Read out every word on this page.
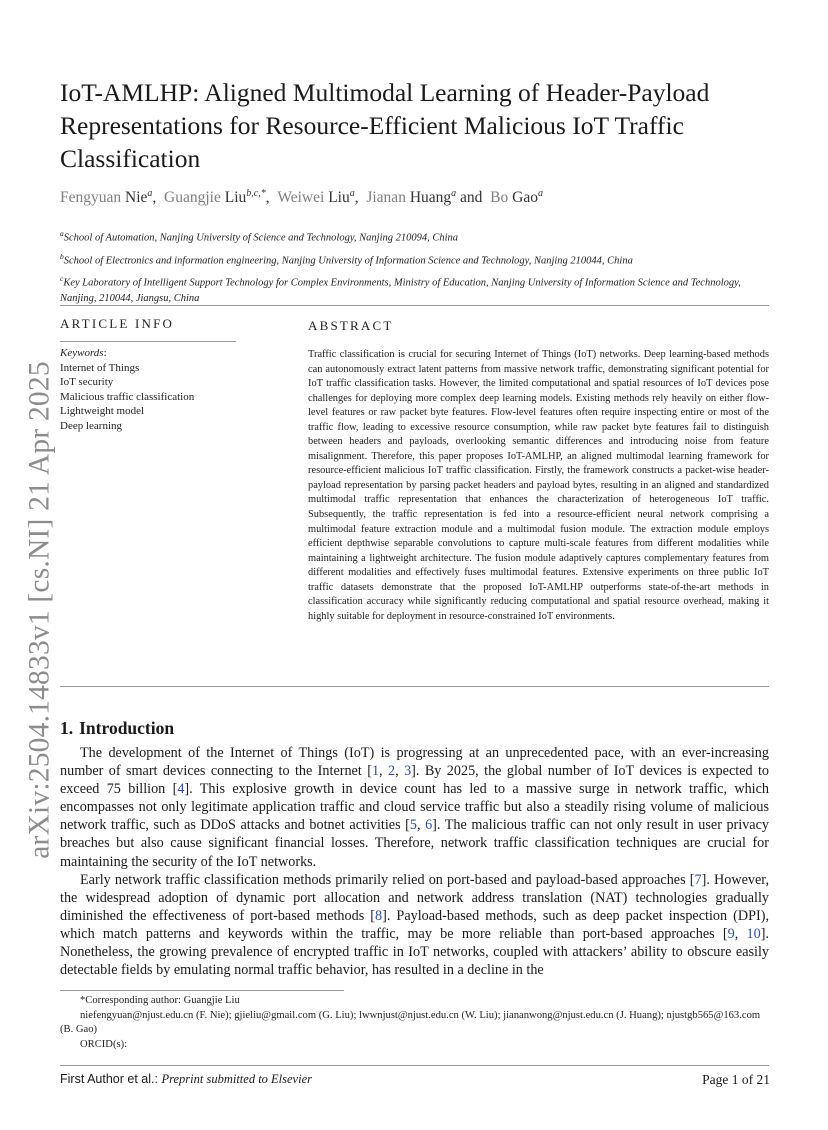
arXiv:2504.14833v1 [cs.NI] 21 Apr 2025
IoT-AMLHP: Aligned Multimodal Learning of Header-Payload Representations for Resource-Efficient Malicious IoT Traffic Classification
Fengyuan Nie$^a$,  Guangjie Liu$^{b,c,*}$,  Weiwei Liu$^a$,  Jianan Huang$^a$ and  Bo Gao$^a$
$^a$School of Automation, Nanjing University of Science and Technology, Nanjing 210094, China
$^b$School of Electronics and information engineering, Nanjing University of Information Science and Technology, Nanjing 210044, China
$^c$Key Laboratory of Intelligent Support Technology for Complex Environments, Ministry of Education, Nanjing University of Information Science and Technology, Nanjing, 210044, Jiangsu, China
ARTICLE INFO
Keywords:
Internet of Things
IoT security
Malicious traffic classification
Lightweight model
Deep learning
ABSTRACT
Traffic classification is crucial for securing Internet of Things (IoT) networks. Deep learning-based methods can autonomously extract latent patterns from massive network traffic, demonstrating significant potential for IoT traffic classification tasks. However, the limited computational and spatial resources of IoT devices pose challenges for deploying more complex deep learning models. Existing methods rely heavily on either flow-level features or raw packet byte features. Flow-level features often require inspecting entire or most of the traffic flow, leading to excessive resource consumption, while raw packet byte features fail to distinguish between headers and payloads, overlooking semantic differences and introducing noise from feature misalignment. Therefore, this paper proposes IoT-AMLHP, an aligned multimodal learning framework for resource-efficient malicious IoT traffic classification. Firstly, the framework constructs a packet-wise header-payload representation by parsing packet headers and payload bytes, resulting in an aligned and standardized multimodal traffic representation that enhances the characterization of heterogeneous IoT traffic. Subsequently, the traffic representation is fed into a resource-efficient neural network comprising a multimodal feature extraction module and a multimodal fusion module. The extraction module employs efficient depthwise separable convolutions to capture multi-scale features from different modalities while maintaining a lightweight architecture. The fusion module adaptively captures complementary features from different modalities and effectively fuses multimodal features. Extensive experiments on three public IoT traffic datasets demonstrate that the proposed IoT-AMLHP outperforms state-of-the-art methods in classification accuracy while significantly reducing computational and spatial resource overhead, making it highly suitable for deployment in resource-constrained IoT environments.
1. Introduction

The development of the Internet of Things (IoT) is progressing at an unprecedented pace, with an ever-increasing number of smart devices connecting to the Internet [1, 2, 3]. By 2025, the global number of IoT devices is expected to exceed 75 billion [4]. This explosive growth in device count has led to a massive surge in network traffic, which encompasses not only legitimate application traffic and cloud service traffic but also a steadily rising volume of malicious network traffic, such as DDoS attacks and botnet activities [5, 6]. The malicious traffic can not only result in user privacy breaches but also cause significant financial losses. Therefore, network traffic classification techniques are crucial for maintaining the security of the IoT networks.

Early network traffic classification methods primarily relied on port-based and payload-based approaches [7]. However, the widespread adoption of dynamic port allocation and network address translation (NAT) technologies gradually diminished the effectiveness of port-based methods [8]. Payload-based methods, such as deep packet inspection (DPI), which match patterns and keywords within the traffic, may be more reliable than port-based approaches [9, 10]. Nonetheless, the growing prevalence of encrypted traffic in IoT networks, coupled with attackers’ ability to obscure easily detectable fields by emulating normal traffic behavior, has resulted in a decline in the

*Corresponding author: Guangjie Liu
niefengyuan@njust.edu.cn (F. Nie); gjieliu@gmail.com (G. Liu); lwwnjust@njust.edu.cn (W. Liu); jiananwong@njust.edu.cn (J. Huang); njustgb565@163.com (B. Gao)
ORCID(s):
First Author et al.: Preprint submitted to Elsevier	Page 1 of 21
